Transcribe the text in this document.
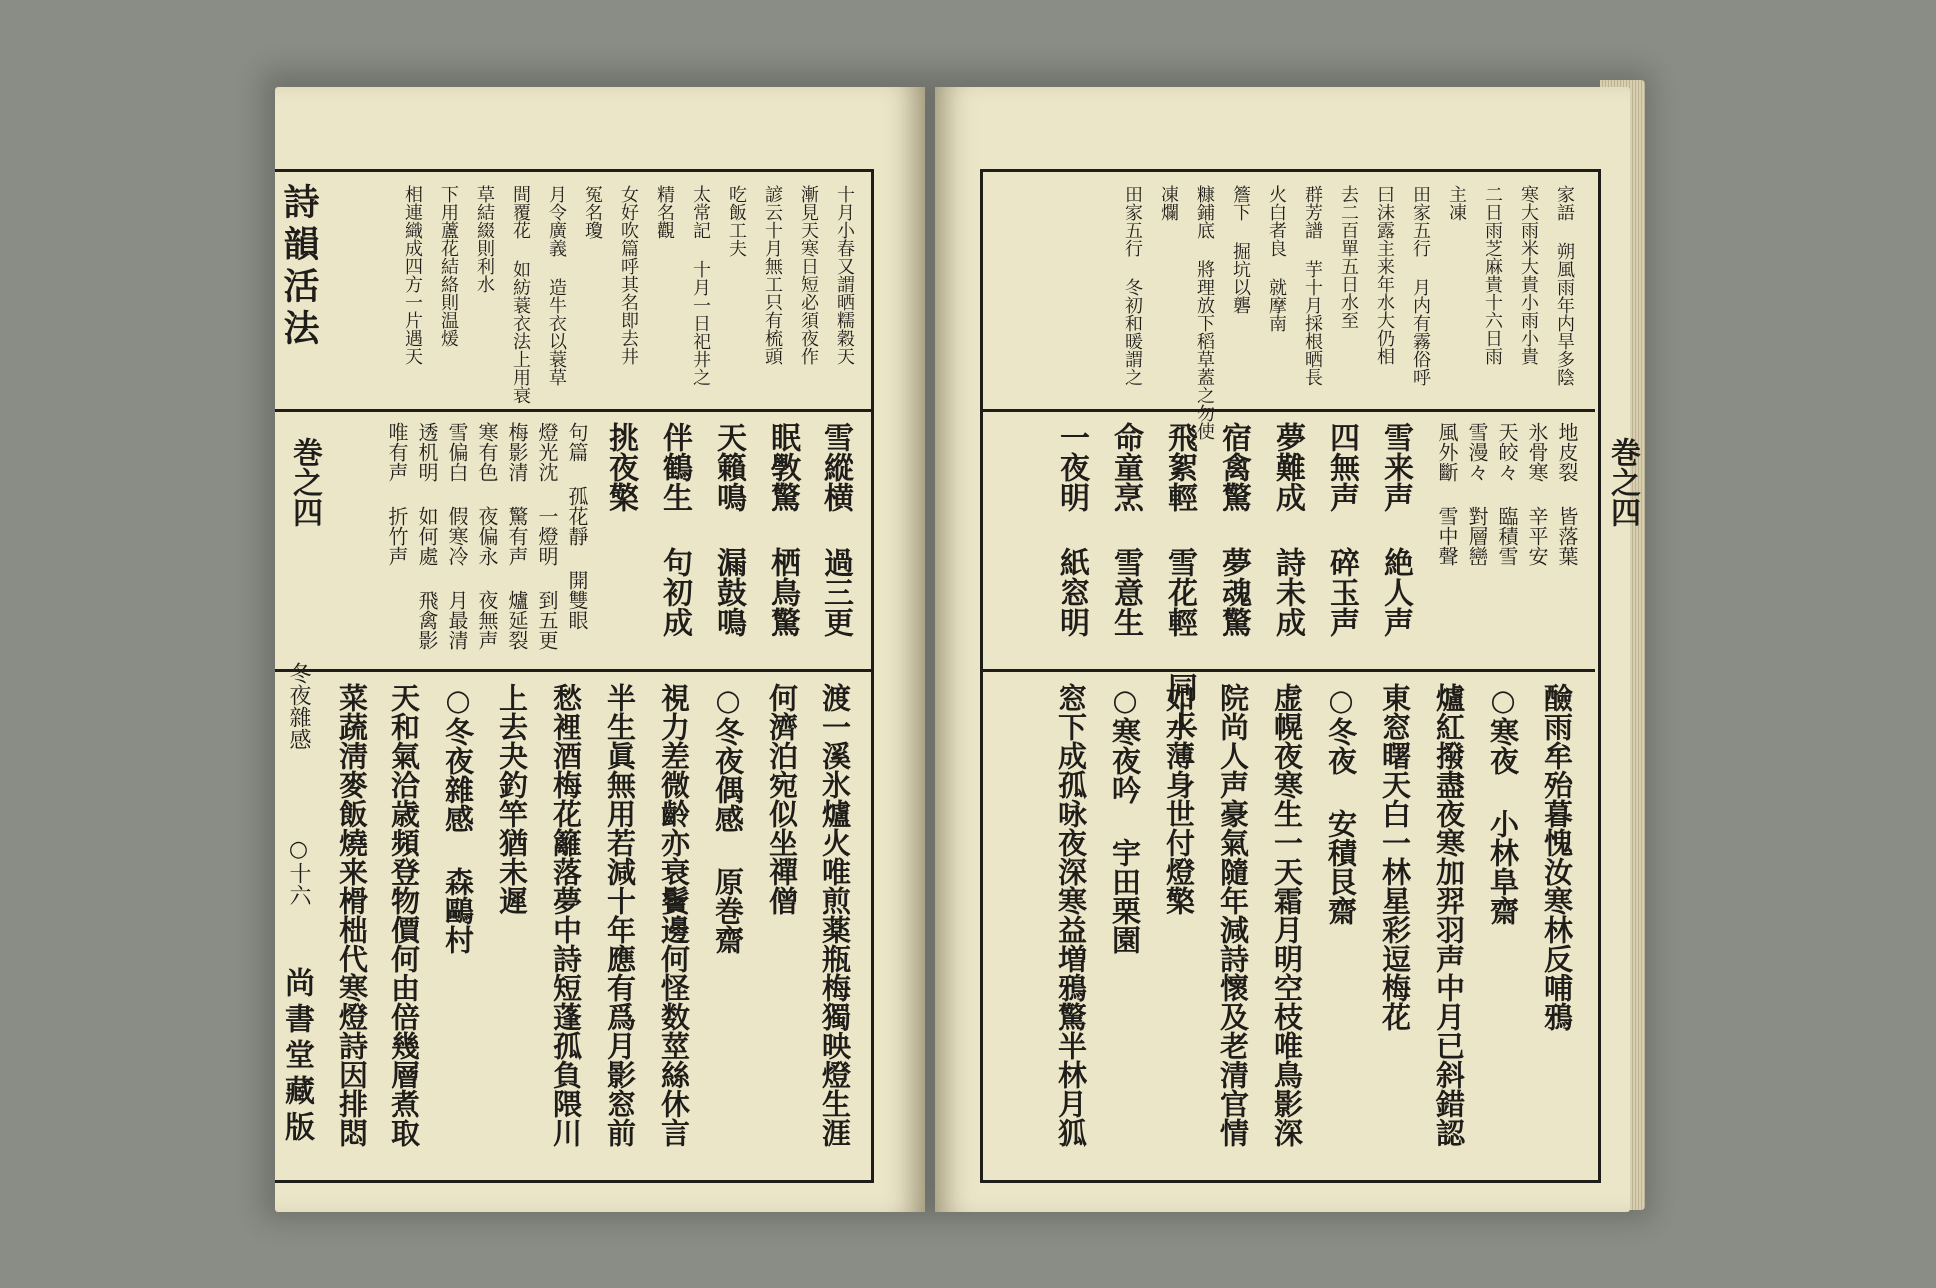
詩韻活法
巻之四
冬夜雜感
○十六
尚書堂藏版
十月小春又謂晒糯穀天
漸見天寒日短必須夜作
諺云十月無工只有梳頭
吃飯工夫
太常記 十月一日祀井之
精名觀
女好吹篇呼其名即去井
冤名瓊
月令廣義 造牛衣以蓑草
間覆花 如紡蓑衣法上用衰
草結綴則利水
下用蘆花結絡則温煖
相連織成四方一片遇天
雪縱横 過三更
眠斆驚 栖鳥驚
天籟鳴 漏鼓鳴
伴鶴生 句初成
挑夜檠
句篇 孤花靜 開雙眼
燈光沈 一燈明 到五更
梅影清 驚有声 爐延裂
寒有色 夜偏永 夜無声
雪偏白 假寒冷 月最清
透机明 如何處 飛禽影
唯有声 折竹声
渡一溪氷爐火唯煎薬瓶梅獨映燈生涯
何濟泊宛似坐禪僧
○冬夜偶感 原巻齋
視力差微齡亦衰鬢邊何怪数莖絲休言
半生眞無用若減十年應有爲月影窓前
愁裡酒梅花籬落夢中詩短蓬孤負隈川
上去夬釣竿猶未遲
○冬夜雜感 森鷗村
天和氣洽歳頻登物價何由倍幾層煮取
菜蔬淸麥飯燒来榾柮代寒燈詩因排悶
巻之四
家語 朔風雨年内旱多陰
寒大雨米大貴小雨小貴
二日雨芝麻貴十六日雨
主凍
田家五行 月内有霧俗呼
曰沫露主来年水大仍相
去二百單五日水至
群芳譜 芋十月採根晒長
火白者良 就摩南
簷下 掘坑以礱
糠鋪底 將理放下稻草蓋之勿使
凍爛
田家五行 冬初和暖謂之
地皮裂 皆落葉
氷骨寒 辛平安
天皎々 臨積雪
雪漫々 對層巒
風外斷 雪中聲
雪来声 絶人声
四無声 碎玉声
夢難成 詩未成
宿禽驚 夢魂驚
飛絮輕 雪花輕 同上
命童烹 雪意生
一夜明 紙窓明
醶雨牟殆暮愧汝寒林反哺鴉
○寒夜 小林阜齋
爐紅撥盡夜寒加羿羽声中月已斜錯認
東窓曙天白一林星彩逗梅花
○冬夜 安積艮齋
虚幌夜寒生一天霜月明空枝唯鳥影深
院尚人声豪氣隨年減詩懷及老清官情
如水薄身世付燈檠
○寒夜吟 宇田栗園
窓下成孤咏夜深寒益増鴉驚半林月狐
